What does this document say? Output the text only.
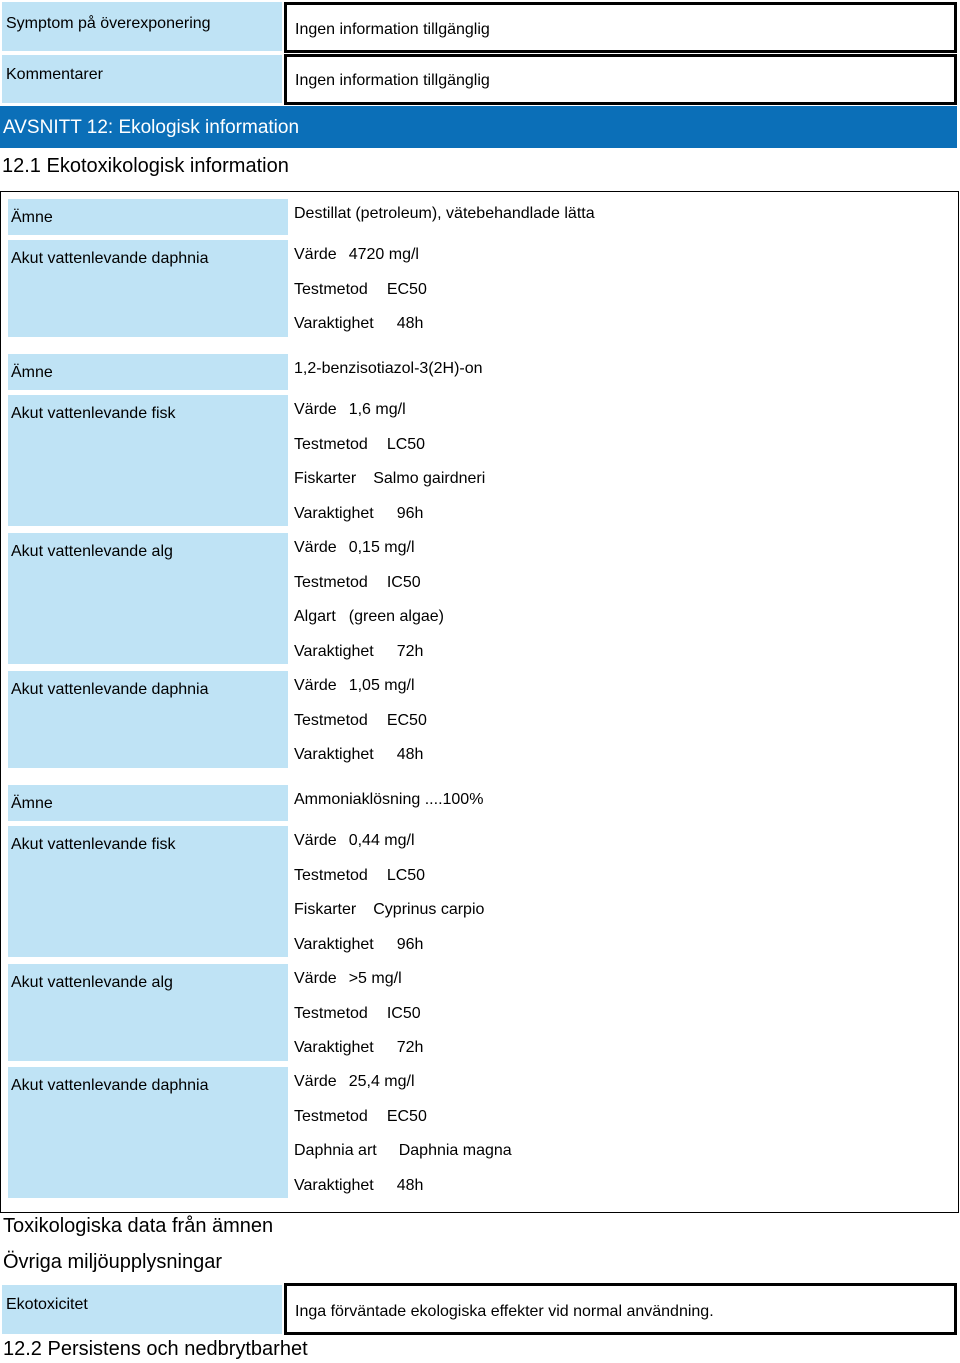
Symptom på överexponering	Ingen information tillgänglig
Kommentarer	Ingen information tillgänglig
AVSNITT 12: Ekologisk information
12.1 Ekotoxikologisk information
Ämne	Destillat (petroleum), vätebehandlade lätta
Akut vattenlevande daphnia	Värde 4720 mg/l
Testmetod EC50
Varaktighet 48h
Ämne	1,2-benzisotiazol-3(2H)-on
Akut vattenlevande fisk	Värde 1,6 mg/l
Testmetod LC50
Fiskarter Salmo gairdneri
Varaktighet 96h
Akut vattenlevande alg	Värde 0,15 mg/l
Testmetod IC50
Algart (green algae)
Varaktighet 72h
Akut vattenlevande daphnia	Värde 1,05 mg/l
Testmetod EC50
Varaktighet 48h
Ämne	Ammoniaklösning ....100%
Akut vattenlevande fisk	Värde 0,44 mg/l
Testmetod LC50
Fiskarter Cyprinus carpio
Varaktighet 96h
Akut vattenlevande alg	Värde >5 mg/l
Testmetod IC50
Varaktighet 72h
Akut vattenlevande daphnia	Värde 25,4 mg/l
Testmetod EC50
Daphnia art Daphnia magna
Varaktighet 48h
Toxikologiska data från ämnen
Övriga miljöupplysningar
Ekotoxicitet	Inga förväntade ekologiska effekter vid normal användning.
12.2 Persistens och nedbrytbarhet
